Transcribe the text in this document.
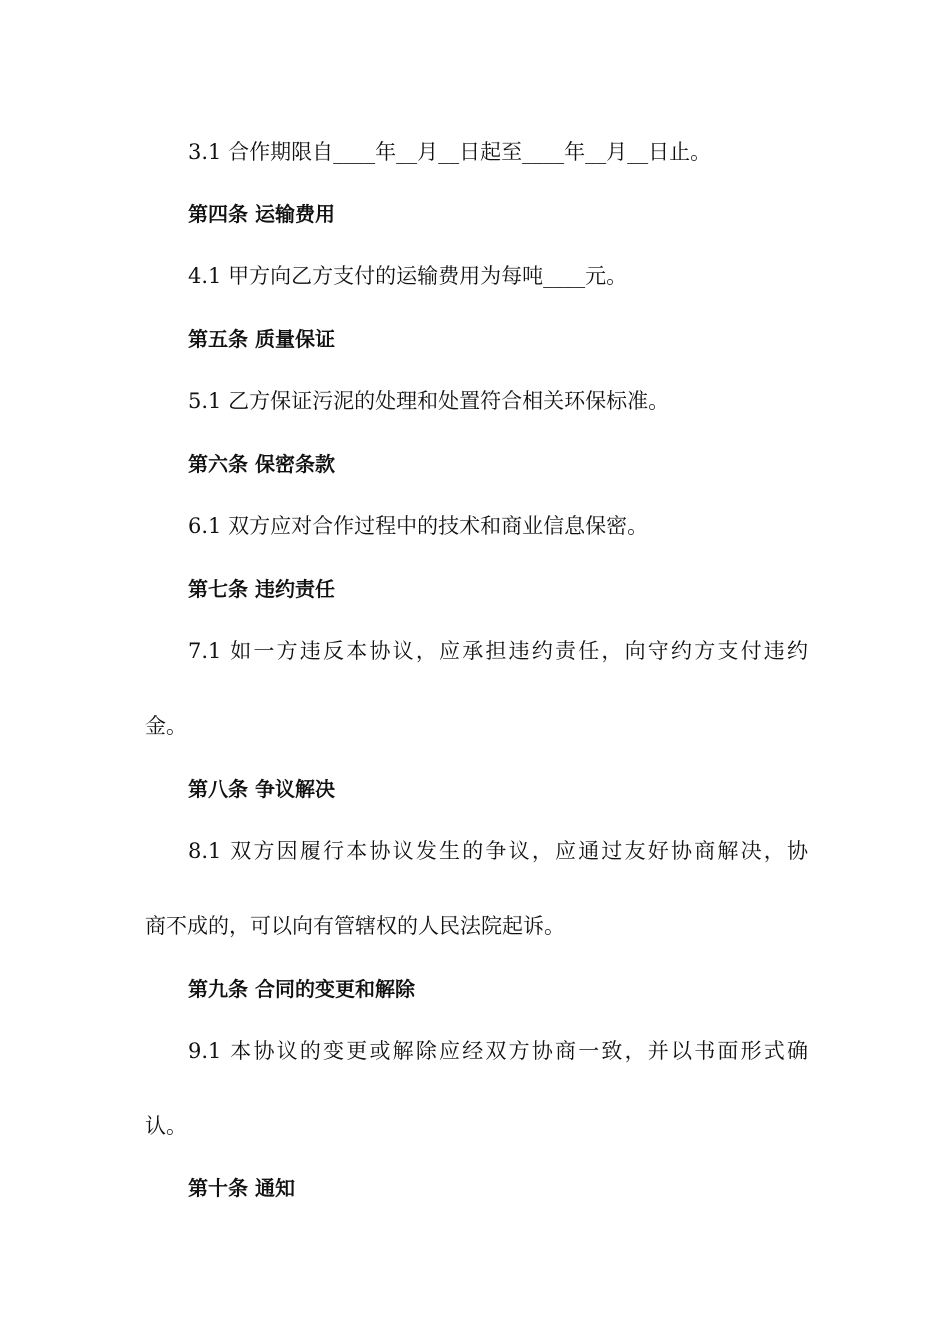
3.1 合作期限自____年__月__日起至____年__月__日止。
第四条 运输费用
4.1 甲方向乙方支付的运输费用为每吨____元。
第五条 质量保证
5.1 乙方保证污泥的处理和处置符合相关环保标准。
第六条 保密条款
6.1 双方应对合作过程中的技术和商业信息保密。
第七条 违约责任
7.1 如一方违反本协议，应承担违约责任，向守约方支付违约
金。
第八条 争议解决
8.1 双方因履行本协议发生的争议，应通过友好协商解决，协
商不成的，可以向有管辖权的人民法院起诉。
第九条 合同的变更和解除
9.1 本协议的变更或解除应经双方协商一致，并以书面形式确
认。
第十条 通知
